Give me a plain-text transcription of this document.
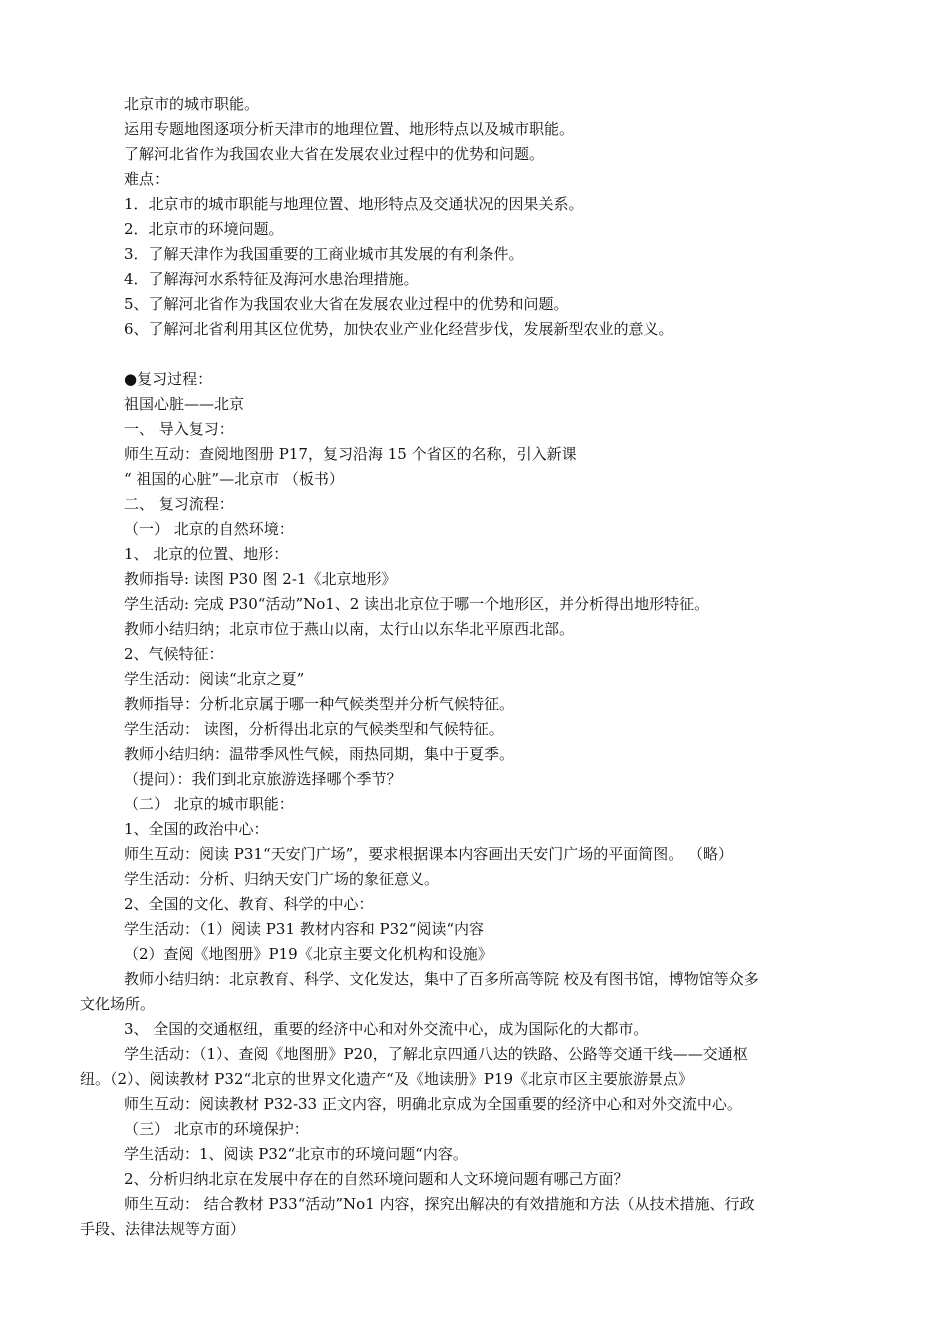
北京市的城市职能。
运用专题地图逐项分析天津市的地理位置、地形特点以及城市职能。
了解河北省作为我国农业大省在发展农业过程中的优势和问题。
难点：
1．北京市的城市职能与地理位置、地形特点及交通状况的因果关系。
2．北京市的环境问题。
3．了解天津作为我国重要的工商业城市其发展的有利条件。
4．了解海河水系特征及海河水患治理措施。
5、了解河北省作为我国农业大省在发展农业过程中的优势和问题。
6、了解河北省利用其区位优势，加快农业产业化经营步伐，发展新型农业的意义。
●复习过程：
祖国心脏——北京
一、 导入复习：
师生互动：查阅地图册 P17，复习沿海 15 个省区的名称，引入新课
“ 祖国的心脏”—北京市 （板书）
二、 复习流程：
（一） 北京的自然环境：
1、 北京的位置、地形：
教师指导: 读图 P30 图 2-1《北京地形》
学生活动: 完成 P30“活动”No1、2 读出北京位于哪一个地形区，并分析得出地形特征。
教师小结归纳；北京市位于燕山以南，太行山以东华北平原西北部。
2、气候特征：
学生活动：阅读“北京之夏”
教师指导：分析北京属于哪一种气候类型并分析气候特征。
学生活动： 读图，分析得出北京的气候类型和气候特征。
教师小结归纳：温带季风性气候，雨热同期，集中于夏季。
（提问）：我们到北京旅游选择哪个季节？
（二） 北京的城市职能：
1、全国的政治中心：
师生互动：阅读 P31“天安门广场”，要求根据课本内容画出天安门广场的平面简图。 （略）
学生活动：分析、归纳天安门广场的象征意义。
2、全国的文化、教育、科学的中心：
学生活动：（1）阅读 P31 教材内容和 P32“阅读“内容
（2）查阅《地图册》P19《北京主要文化机构和设施》
教师小结归纳：北京教育、科学、文化发达，集中了百多所高等院 校及有图书馆，博物馆等众多
文化场所。
3、 全国的交通枢纽，重要的经济中心和对外交流中心，成为国际化的大都市。
学生活动：（1）、查阅《地图册》P20，了解北京四通八达的铁路、公路等交通干线——交通枢
纽。（2）、阅读教材 P32“北京的世界文化遗产“及《地读册》P19《北京市区主要旅游景点》
师生互动：阅读教材 P32-33 正文内容，明确北京成为全国重要的经济中心和对外交流中心。
（三） 北京市的环境保护：
学生活动：1、阅读 P32“北京市的环境问题“内容。
2、分析归纳北京在发展中存在的自然环境问题和人文环境问题有哪己方面？
师生互动： 结合教材 P33“活动”No1 内容，探究出解决的有效措施和方法（从技术措施、行政
手段、法律法规等方面）
